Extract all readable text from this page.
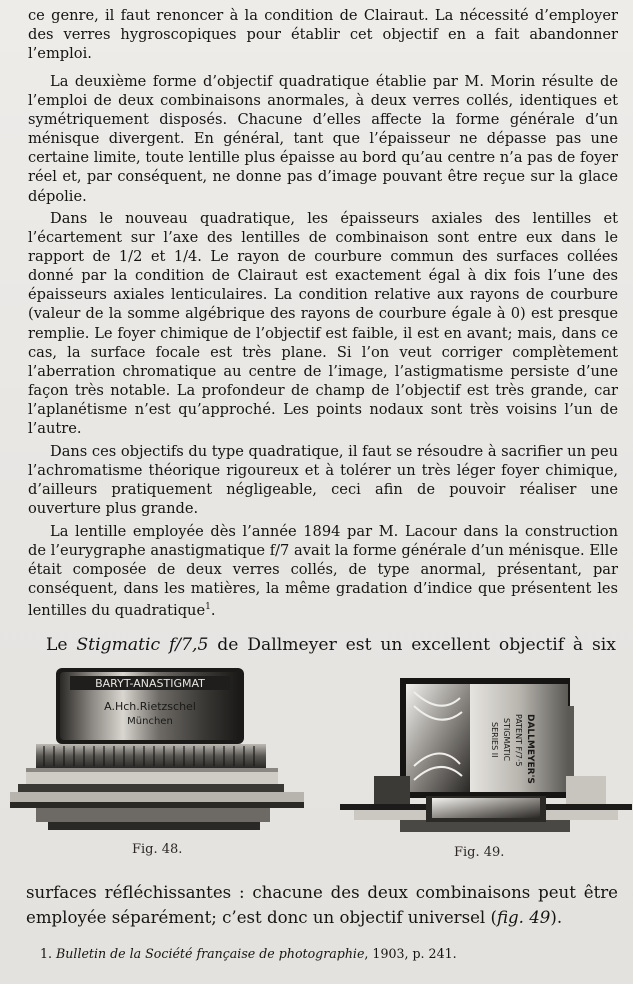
ce genre, il faut renoncer à la condition de Clairaut. La nécessité d’employer des verres hygroscopiques pour établir cet objectif en a fait abandonner l’emploi.

La deuxième forme d’objectif quadratique établie par M. Morin résulte de l’emploi de deux combinaisons anormales, à deux verres collés, identiques et symétriquement disposés. Chacune d’elles affecte la forme générale d’un ménisque divergent. En général, tant que l’épaisseur ne dépasse pas une certaine limite, toute lentille plus épaisse au bord qu’au centre n’a pas de foyer réel et, par conséquent, ne donne pas d’image pouvant être reçue sur la glace dépolie.

Dans le nouveau quadratique, les épaisseurs axiales des lentilles et l’écartement sur l’axe des lentilles de combinaison sont entre eux dans le rapport de 1/2 et 1/4. Le rayon de courbure commun des surfaces collées donné par la condition de Clairaut est exactement égal à dix fois l’une des épaisseurs axiales lenticulaires. La condition relative aux rayons de courbure (valeur de la somme algébrique des rayons de courbure égale à 0) est presque remplie. Le foyer chimique de l’objectif est faible, il est en avant; mais, dans ce cas, la surface focale est très plane. Si l’on veut corriger complètement l’aberration chromatique au centre de l’image, l’astigmatisme persiste d’une façon très notable. La profondeur de champ de l’objectif est très grande, car l’aplanétisme n’est qu’approché. Les points nodaux sont très voisins l’un de l’autre.

Dans ces objectifs du type quadratique, il faut se résoudre à sacrifier un peu l’achromatisme théorique rigoureux et à tolérer un très léger foyer chimique, d’ailleurs pratiquement négligeable, ceci afin de pouvoir réaliser une ouverture plus grande.

La lentille employée dès l’année 1894 par M. Lacour dans la construction de l’eurygraphe anastigmatique f/7 avait la forme générale d’un ménisque. Elle était composée de deux verres collés, de type anormal, présentant, par conséquent, dans les matières, la même gradation d’indice que présentent les lentilles du quadratique$^1$.

Le Stigmatic f/7,5 de Dallmeyer est un excellent objectif à six
BARYT-ANASTIGMAT
A.Hch.Rietzschel
München
Fig. 48.
DALLMEYER'S
PATENT F/7·5
STIGMATIC
SERIES II
Fig. 49.
surfaces réfléchissantes : chacune des deux combinaisons peut être employée séparément; c’est donc un objectif universel (fig. 49).
1. Bulletin de la Société française de photographie, 1903, p. 241.
